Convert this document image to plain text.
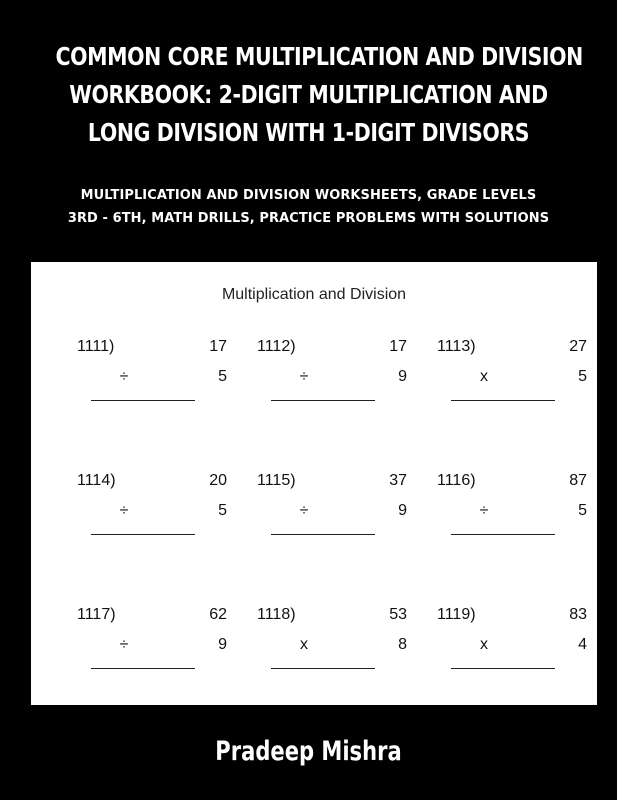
COMMON CORE MULTIPLICATION AND DIVISION
WORKBOOK: 2-DIGIT MULTIPLICATION AND
LONG DIVISION WITH 1-DIGIT DIVISORS
MULTIPLICATION AND DIVISION WORKSHEETS, GRADE LEVELS
3RD - 6TH, MATH DRILLS, PRACTICE PROBLEMS WITH SOLUTIONS
Multiplication and Division
1111)	17
÷	5
1112)	17
÷	9
1113)	27
x	5
1114)	20
÷	5
1115)	37
÷	9
1116)	87
÷	5
1117)	62
÷	9
1118)	53
x	8
1119)	83
x	4
Pradeep Mishra
